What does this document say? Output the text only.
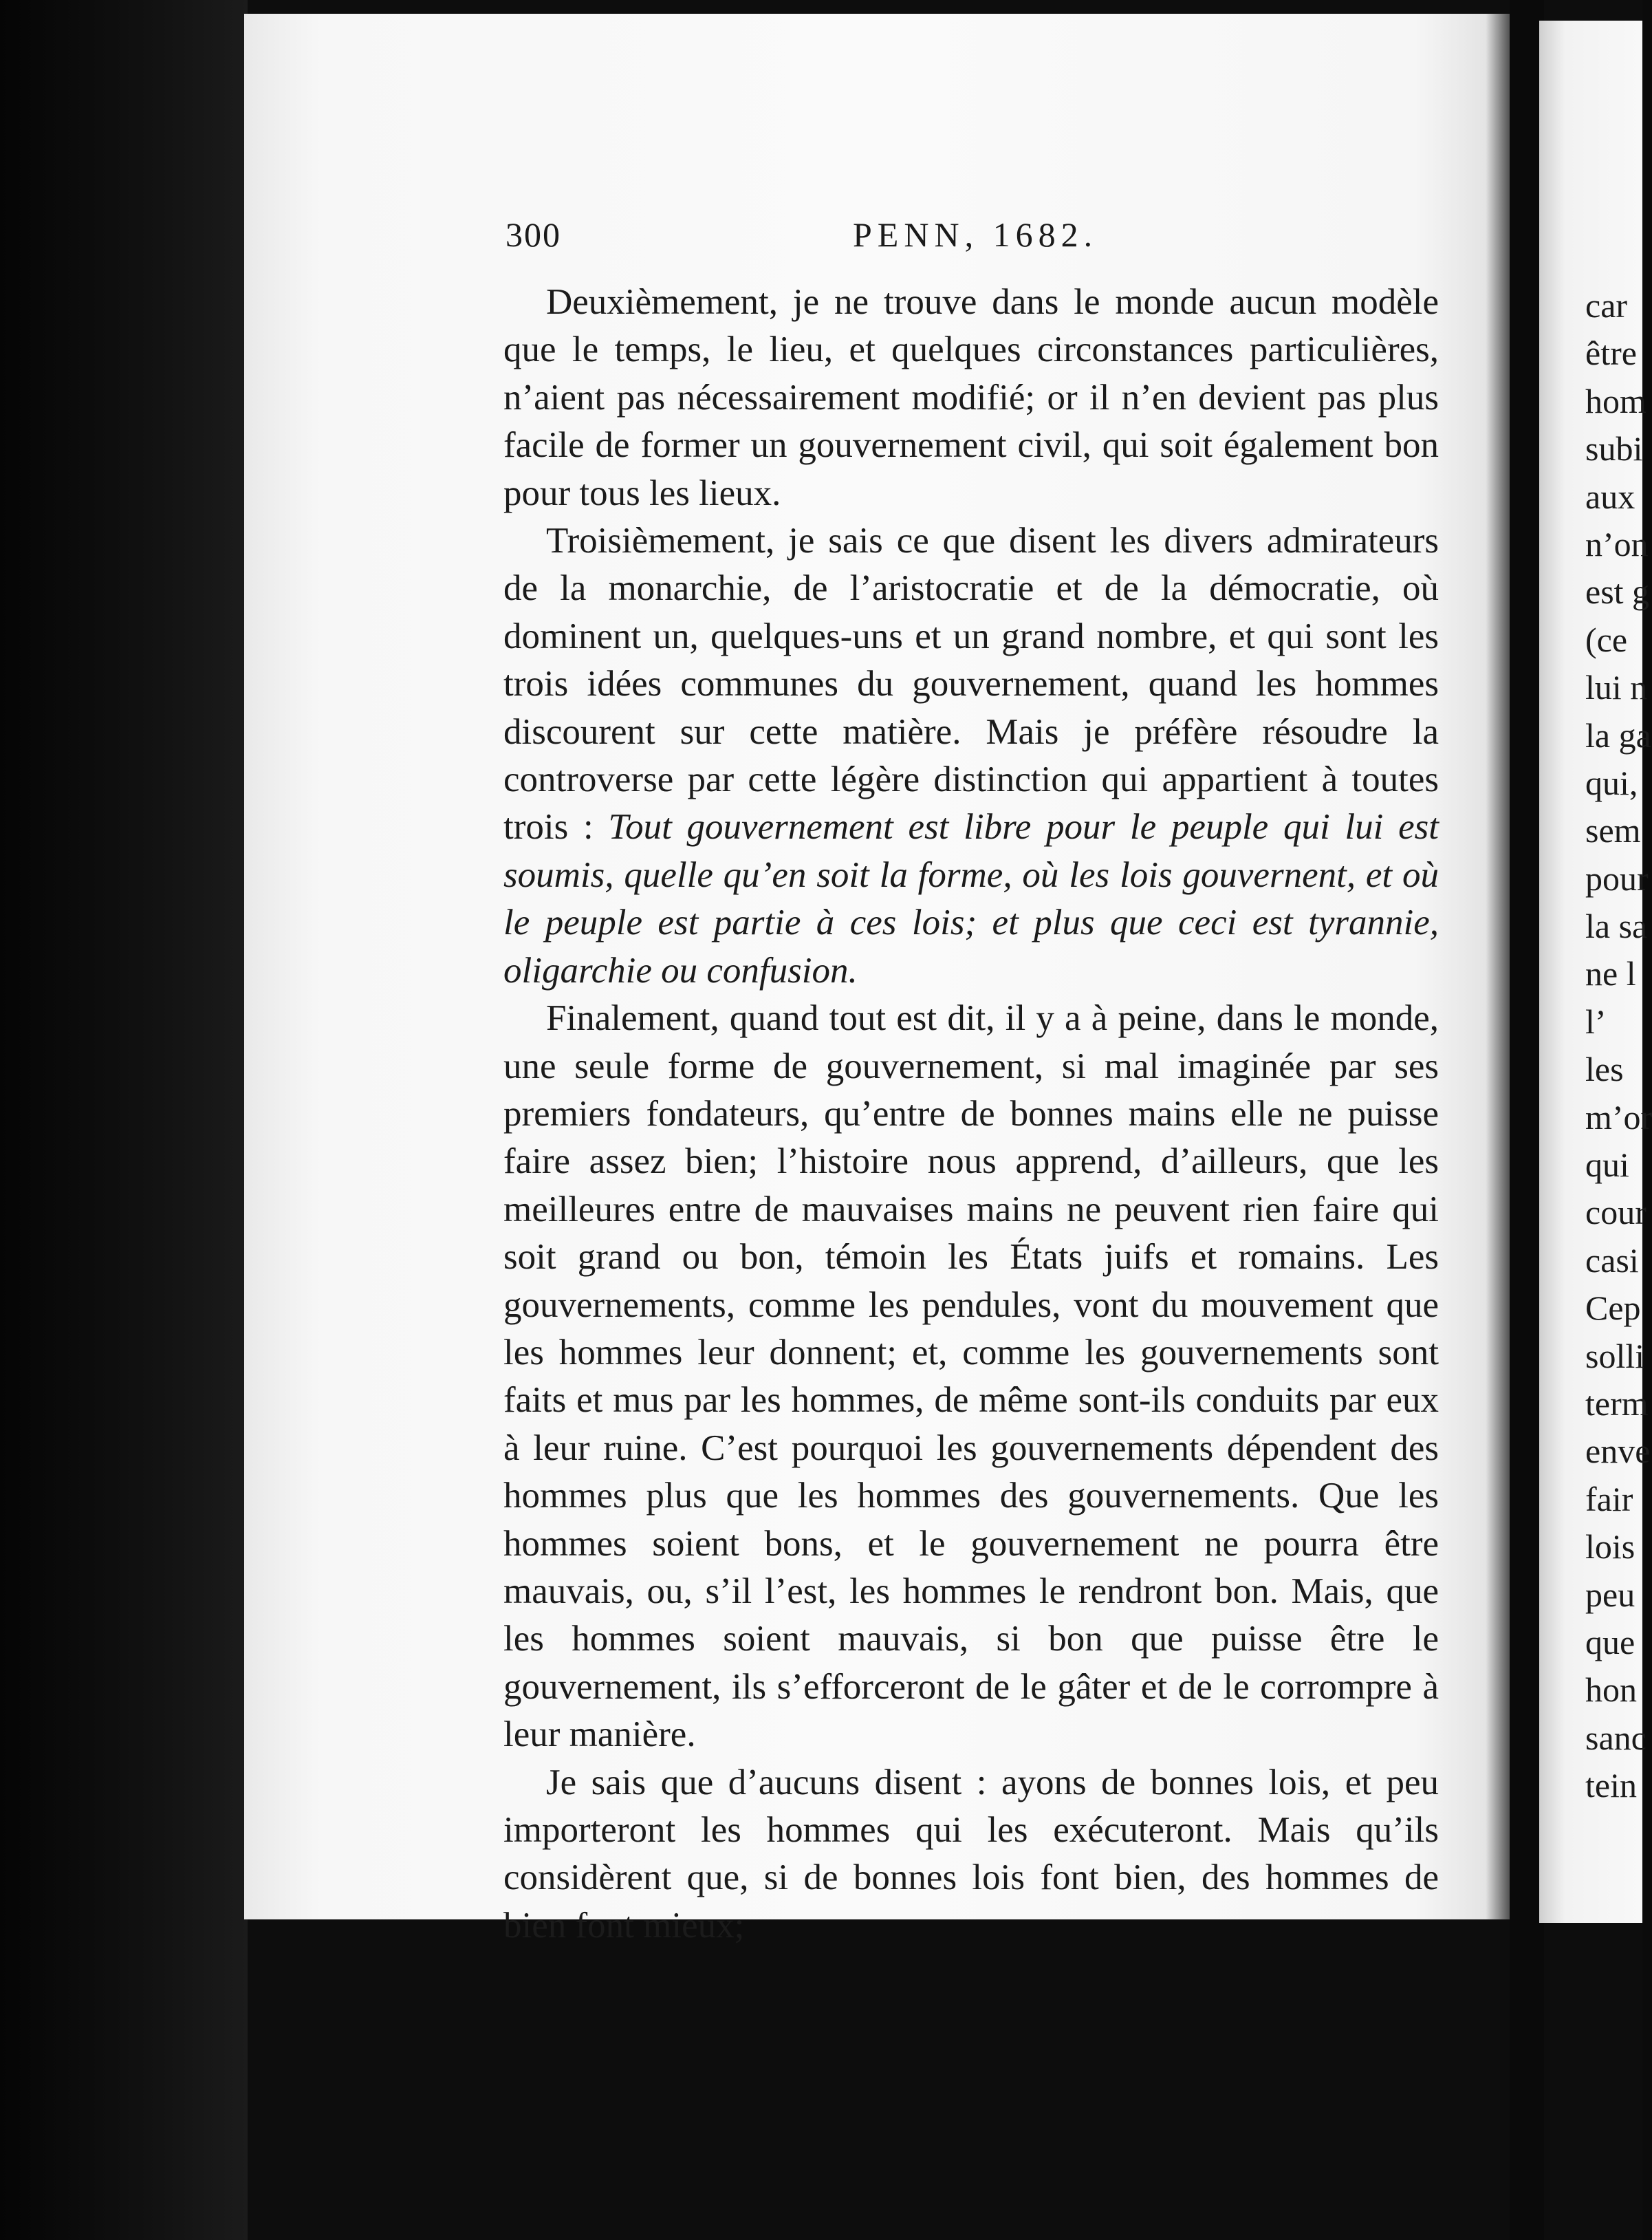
300	PENN, 1682.

Deuxièmement, je ne trouve dans le monde aucun modèle que le temps, le lieu, et quelques circonstances particulières, n’aient pas nécessairement modifié; or il n’en devient pas plus facile de former un gouvernement civil, qui soit également bon pour tous les lieux.

Troisièmement, je sais ce que disent les divers admirateurs de la monarchie, de l’aristocratie et de la démocratie, où dominent un, quelques-uns et un grand nombre, et qui sont les trois idées communes du gouvernement, quand les hommes discourent sur cette matière. Mais je préfère résoudre la controverse par cette légère distinction qui appartient à toutes trois : Tout gouvernement est libre pour le peuple qui lui est soumis, quelle qu’en soit la forme, où les lois gouvernent, et où le peuple est partie à ces lois; et plus que ceci est tyrannie, oligarchie ou confusion.

Finalement, quand tout est dit, il y a à peine, dans le monde, une seule forme de gouvernement, si mal imaginée par ses premiers fondateurs, qu’entre de bonnes mains elle ne puisse faire assez bien; l’histoire nous apprend, d’ailleurs, que les meilleures entre de mauvaises mains ne peuvent rien faire qui soit grand ou bon, témoin les États juifs et romains. Les gouvernements, comme les pendules, vont du mouvement que les hommes leur donnent; et, comme les gouvernements sont faits et mus par les hommes, de même sont-ils conduits par eux à leur ruine. C’est pourquoi les gouvernements dépendent des hommes plus que les hommes des gouvernements. Que les hommes soient bons, et le gouvernement ne pourra être mauvais, ou, s’il l’est, les hommes le rendront bon. Mais, que les hommes soient mauvais, si bon que puisse être le gouvernement, ils s’efforceront de le gâter et de le corrompre à leur manière.

Je sais que d’aucuns disent : ayons de bonnes lois, et peu importeront les hommes qui les exécuteront. Mais qu’ils considèrent que, si de bonnes lois font bien, des hommes de bien font mieux;

car
être
hom
subi
aux
n’on
est g
(ce
lui n
la ga
qui,
sem
pour
la sa
ne l
l’
les
m’or
qui
cour
casi
Cep
solli
term
enve
fair
lois
peu
que
hon
sanc
tein
